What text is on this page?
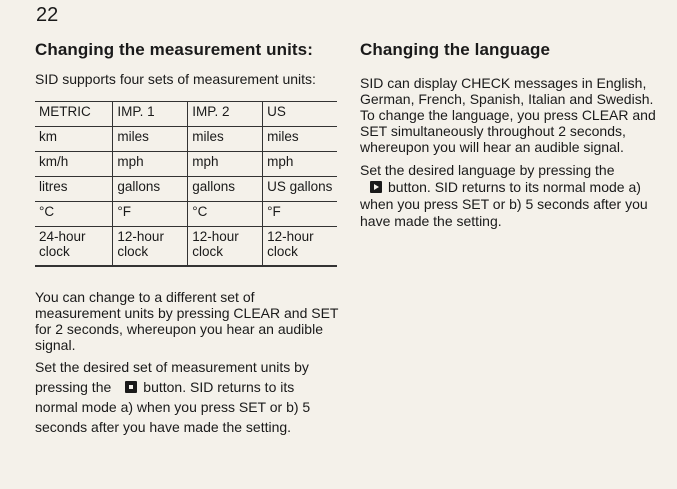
22
Changing the measurement units:

SID supports four sets of measurement units:

METRIC	IMP. 1	IMP. 2	US
km	miles	miles	miles
km/h	mph	mph	mph
litres	gallons	gallons	US gallons
°C	°F	°C	°F
24-hour clock	12-hour clock	12-hour clock	12-hour clock

You can change to a different set of measurement units by pressing CLEAR and SET for 2 seconds, whereupon you hear an audible signal.

Set the desired set of measurement units by pressing the button. SID returns to its normal mode a) when you press SET or b) 5 seconds after you have made the setting.

Changing the language

SID can display CHECK messages in English, German, French, Spanish, Italian and Swedish. To change the language, you press CLEAR and SET simultaneously throughout 2 seconds, whereupon you will hear an audible signal.

Set the desired language by pressing the
button. SID returns to its normal mode a) when you press SET or b) 5 seconds after you have made the setting.
